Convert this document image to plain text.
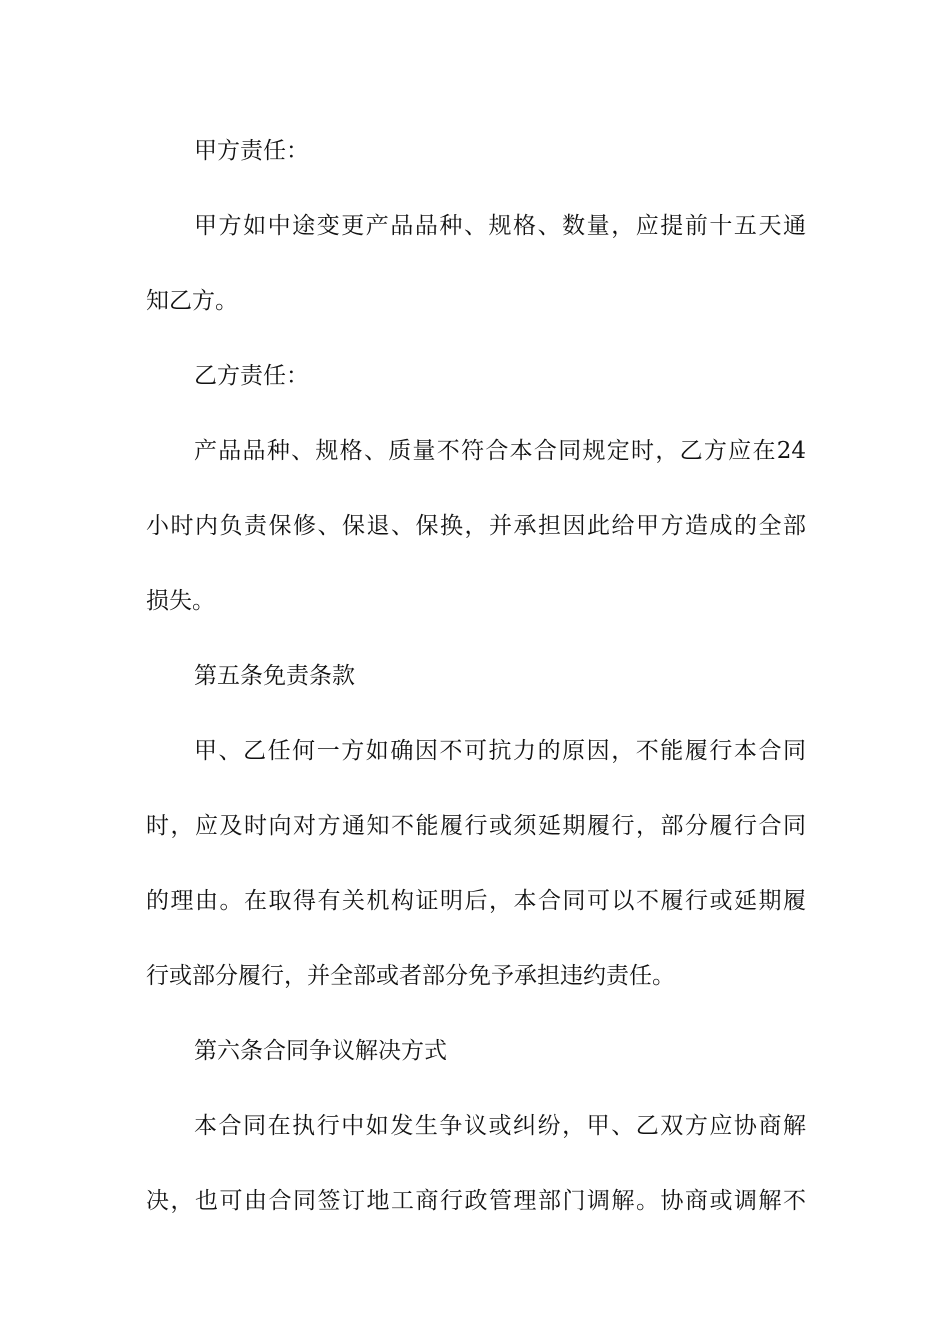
甲方责任：
甲方如中途变更产品品种、规格、数量，应提前十五天通
知乙方。
乙方责任：
产品品种、规格、质量不符合本合同规定时，乙方应在24
小时内负责保修、保退、保换，并承担因此给甲方造成的全部
损失。
第五条免责条款
甲、乙任何一方如确因不可抗力的原因，不能履行本合同
时，应及时向对方通知不能履行或须延期履行，部分履行合同
的理由。在取得有关机构证明后，本合同可以不履行或延期履
行或部分履行，并全部或者部分免予承担违约责任。
第六条合同争议解决方式
本合同在执行中如发生争议或纠纷，甲、乙双方应协商解
决，也可由合同签订地工商行政管理部门调解。协商或调解不
